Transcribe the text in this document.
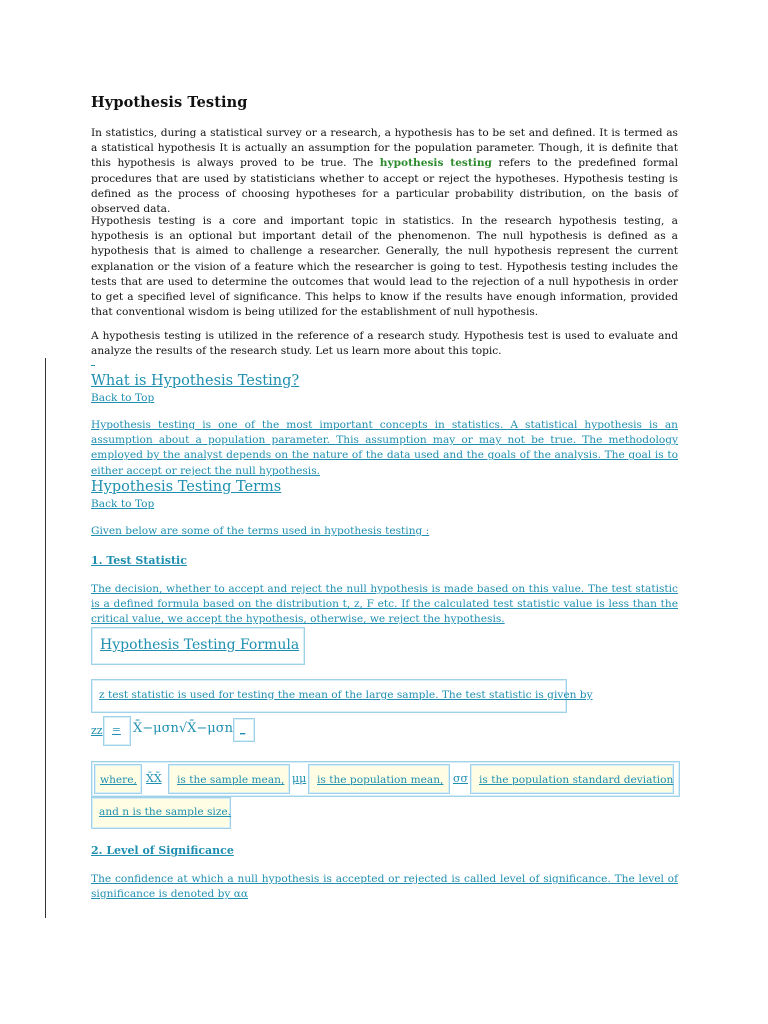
Hypothesis Testing

In statistics, during a statistical survey or a research, a hypothesis has to be set and defined. It is termed as a statistical hypothesis It is actually an assumption for the population parameter. Though, it is definite that this hypothesis is always proved to be true. The hypothesis testing refers to the predefined formal procedures that are used by statisticians whether to accept or reject the hypotheses. Hypothesis testing is defined as the process of choosing hypotheses for a particular probability distribution, on the basis of observed data.

Hypothesis testing is a core and important topic in statistics. In the research hypothesis testing, a hypothesis is an optional but important detail of the phenomenon. The null hypothesis is defined as a hypothesis that is aimed to challenge a researcher. Generally, the null hypothesis represent the current explanation or the vision of a feature which the researcher is going to test. Hypothesis testing includes the tests that are used to determine the outcomes that would lead to the rejection of a null hypothesis in order to get a specified level of significance. This helps to know if the results have enough information, provided that conventional wisdom is being utilized for the establishment of null hypothesis.

A hypothesis testing is utilized in the reference of a research study. Hypothesis test is used to evaluate and analyze the results of the research study. Let us learn more about this topic.

What is Hypothesis Testing?
Back to Top

Hypothesis testing is one of the most important concepts in statistics. A statistical hypothesis is an assumption about a population parameter. This assumption may or may not be true. The methodology employed by the analyst depends on the nature of the data used and the goals of the analysis. The goal is to either accept or reject the null hypothesis.

Hypothesis Testing Terms
Back to Top
Given below are some of the terms used in hypothesis testing :
1. Test Statistic

The decision, whether to accept and reject the null hypothesis is made based on this value. The test statistic is a defined formula based on the distribution t, z, F etc. If the calculated test statistic value is less than the critical value, we accept the hypothesis, otherwise, we reject the hypothesis.

Hypothesis Testing Formula
z test statistic is used for testing the mean of the large sample. The test statistic is given by
zz = X̄−μσn√X̄−μσn _
where, X̄X̄ is the sample mean, μμ is the population mean, σσ is the population standard deviation
and n is the sample size.
2. Level of Significance

The confidence at which a null hypothesis is accepted or rejected is called level of significance. The level of significance is denoted by αα
